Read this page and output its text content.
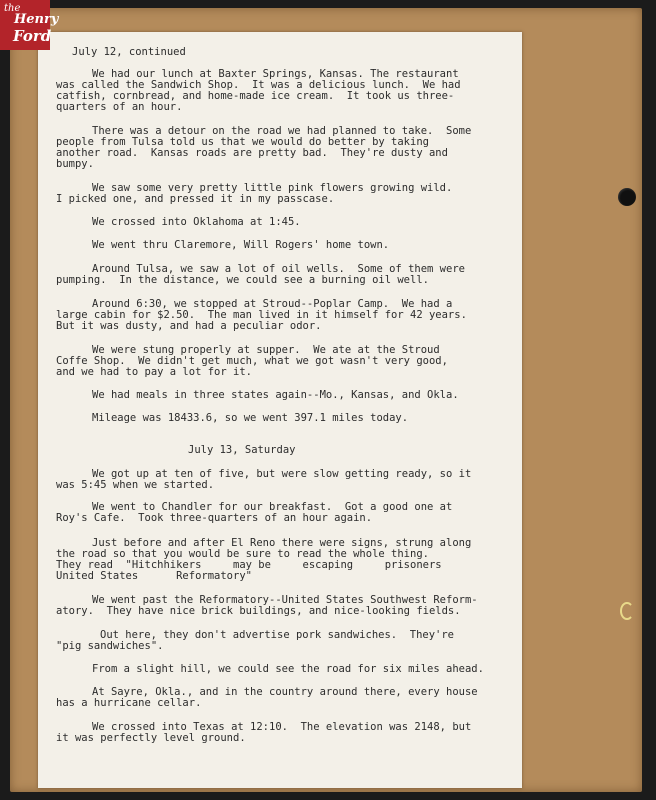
July 12, continued

We had our lunch at Baxter Springs, Kansas. The restaurant

was called the Sandwich Shop.  It was a delicious lunch.  We had

catfish, cornbread, and home-made ice cream.  It took us three-

quarters of an hour.

There was a detour on the road we had planned to take.  Some

people from Tulsa told us that we would do better by taking

another road.  Kansas roads are pretty bad.  They're dusty and

bumpy.

We saw some very pretty little pink flowers growing wild.

I picked one, and pressed it in my passcase.

We crossed into Oklahoma at 1:45.

We went thru Claremore, Will Rogers' home town.

Around Tulsa, we saw a lot of oil wells.  Some of them were

pumping.  In the distance, we could see a burning oil well.

Around 6:30, we stopped at Stroud--Poplar Camp.  We had a

large cabin for $2.50.  The man lived in it himself for 42 years.

But it was dusty, and had a peculiar odor.

We were stung properly at supper.  We ate at the Stroud

Coffe Shop.  We didn't get much, what we got wasn't very good,

and we had to pay a lot for it.

We had meals in three states again--Mo., Kansas, and Okla.

Mileage was 18433.6, so we went 397.1 miles today.

July 13, Saturday

We got up at ten of five, but were slow getting ready, so it

was 5:45 when we started.

We went to Chandler for our breakfast.  Got a good one at

Roy's Cafe.  Took three-quarters of an hour again.

Just before and after El Reno there were signs, strung along

the road so that you would be sure to read the whole thing.

They read  "Hitchhikers     may be     escaping     prisoners

United States      Reformatory"

We went past the Reformatory--United States Southwest Reform-

atory.  They have nice brick buildings, and nice-looking fields.

Out here, they don't advertise pork sandwiches.  They're

"pig sandwiches".

From a slight hill, we could see the road for six miles ahead.

At Sayre, Okla., and in the country around there, every house

has a hurricane cellar.

We crossed into Texas at 12:10.  The elevation was 2148, but

it was perfectly level ground.

the
Henry
Ford
